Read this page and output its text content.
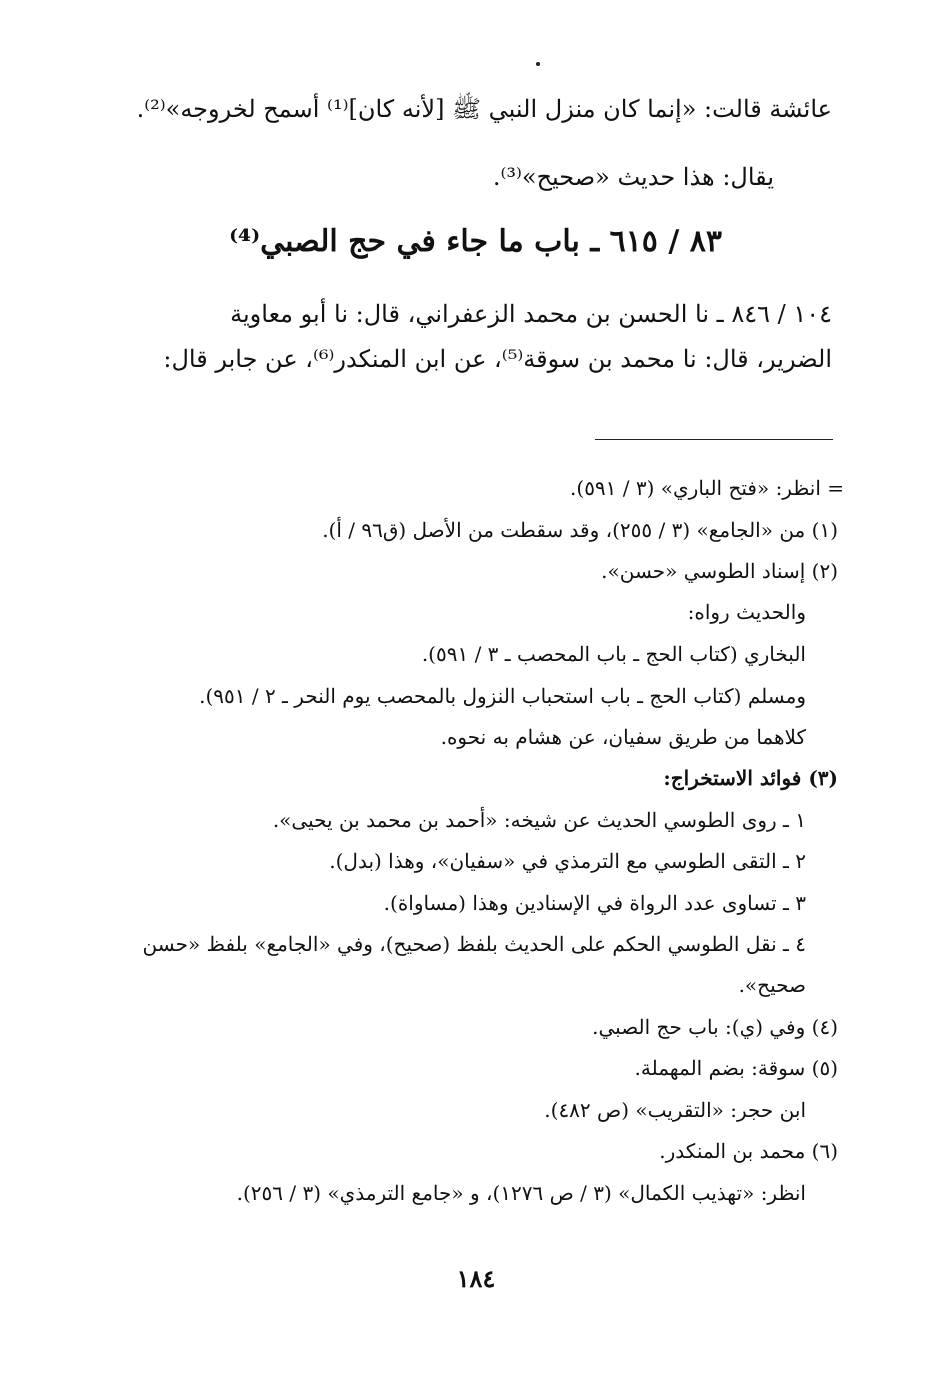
عائشة قالت: «إنما كان منزل النبي ﷺ [لأنه كان]⁽¹⁾ أسمح لخروجه»⁽²⁾.
يقال: هذا حديث «صحيح»⁽³⁾.
٨٣ / ٦١٥ ـ باب ما جاء في حج الصبي⁽⁴⁾
١٠٤ / ٨٤٦ ـ نا الحسن بن محمد الزعفراني، قال: نا أبو معاوية
الضرير، قال: نا محمد بن سوقة⁽⁵⁾، عن ابن المنكدر⁽⁶⁾، عن جابر قال:
= انظر: «فتح الباري» (٣ / ٥٩١).
(١) من «الجامع» (٣ / ٢٥٥)، وقد سقطت من الأصل (ق٩٦ / أ).
(٢) إسناد الطوسي «حسن».
والحديث رواه:
البخاري (كتاب الحج ـ باب المحصب ـ ٣ / ٥٩١).
ومسلم (كتاب الحج ـ باب استحباب النزول بالمحصب يوم النحر ـ ٢ / ٩٥١).
كلاهما من طريق سفيان، عن هشام به نحوه.
(٣) فوائد الاستخراج:
١ ـ روى الطوسي الحديث عن شيخه: «أحمد بن محمد بن يحيى».
٢ ـ التقى الطوسي مع الترمذي في «سفيان»، وهذا (بدل).
٣ ـ تساوى عدد الرواة في الإسنادين وهذا (مساواة).
٤ ـ نقل الطوسي الحكم على الحديث بلفظ (صحيح)، وفي «الجامع» بلفظ «حسن
صحيح».
(٤) وفي (ي): باب حج الصبي.
(٥) سوقة: بضم المهملة.
ابن حجر: «التقريب» (ص ٤٨٢).
(٦) محمد بن المنكدر.
انظر: «تهذيب الكمال» (٣ / ص ١٢٧٦)، و «جامع الترمذي» (٣ / ٢٥٦).
١٨٤
